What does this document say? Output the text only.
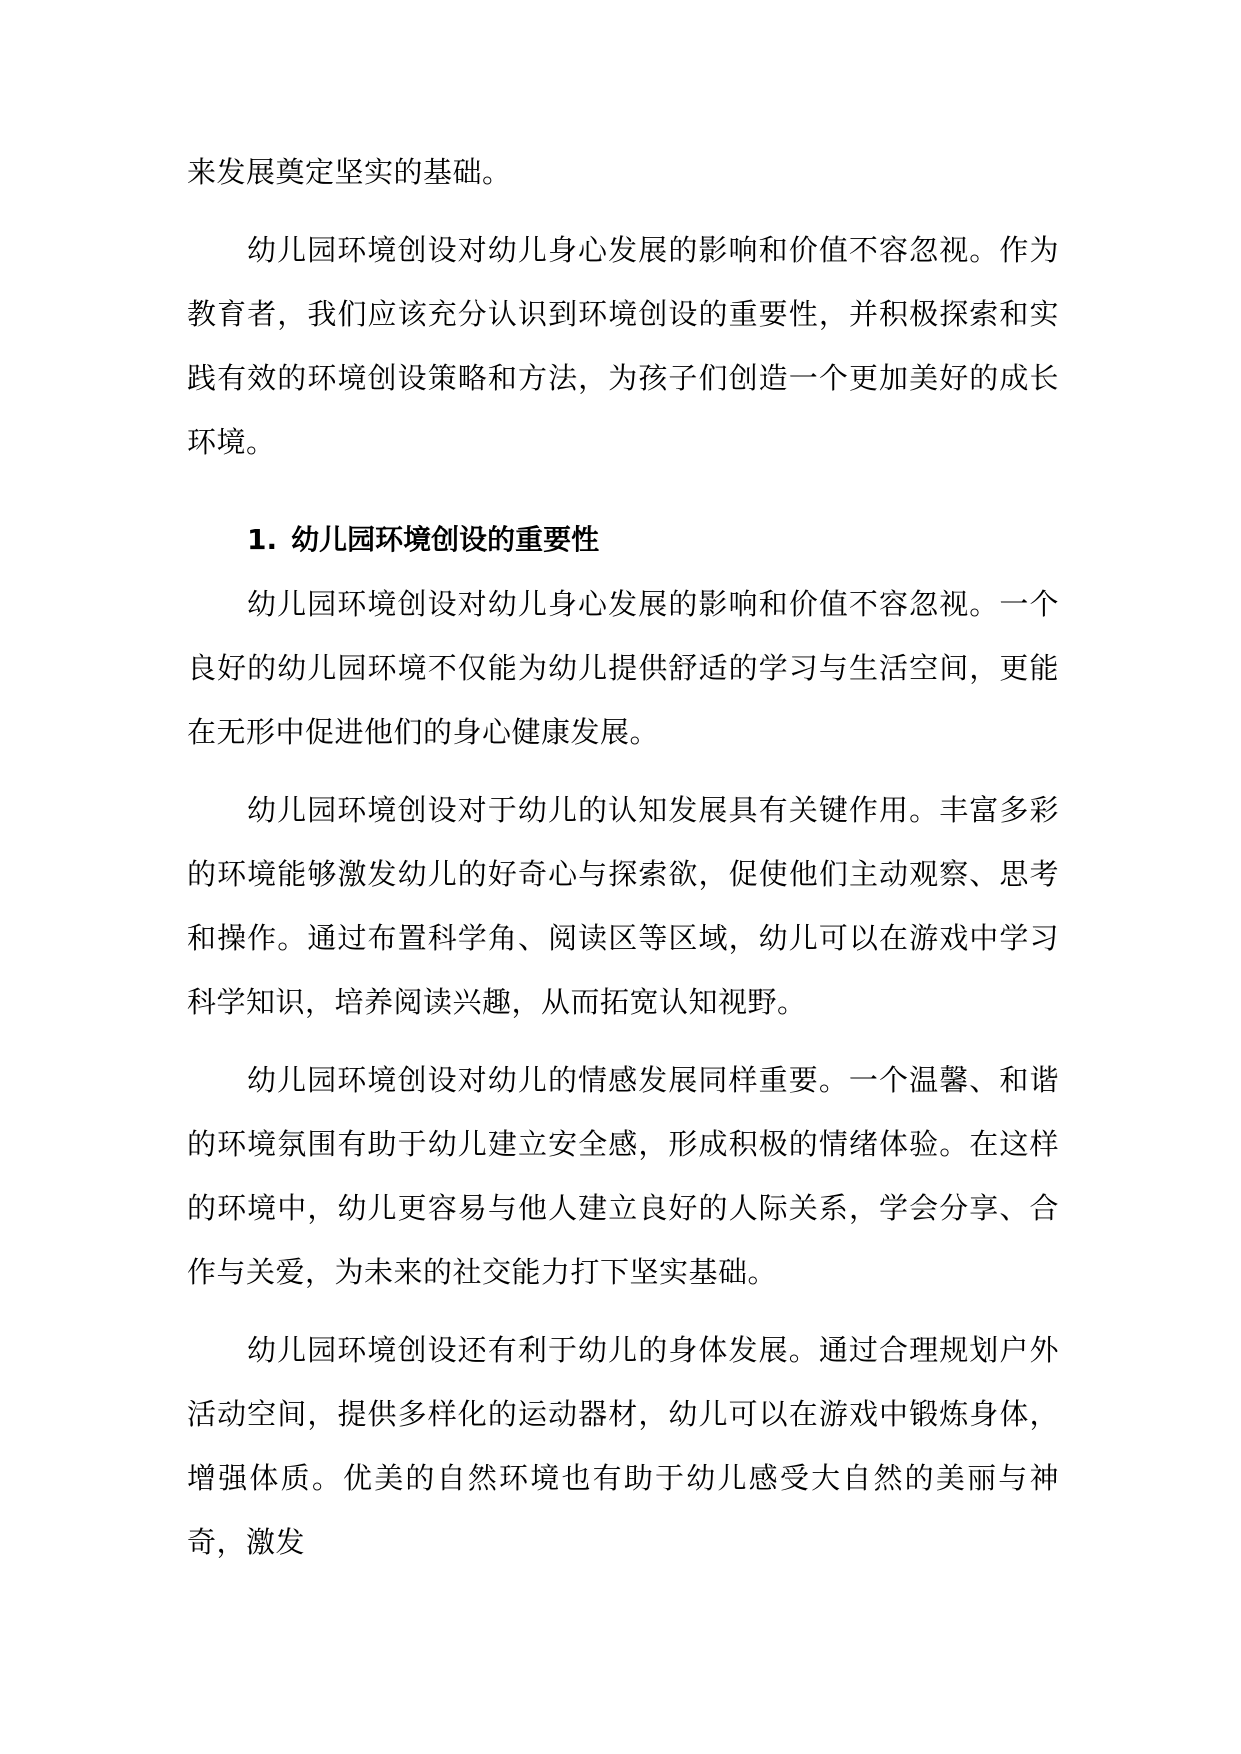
来发展奠定坚实的基础。

幼儿园环境创设对幼儿身心发展的影响和价值不容忽视。作为教育者，我们应该充分认识到环境创设的重要性，并积极探索和实践有效的环境创设策略和方法，为孩子们创造一个更加美好的成长环境。

1. 幼儿园环境创设的重要性

幼儿园环境创设对幼儿身心发展的影响和价值不容忽视。一个良好的幼儿园环境不仅能为幼儿提供舒适的学习与生活空间，更能在无形中促进他们的身心健康发展。

幼儿园环境创设对于幼儿的认知发展具有关键作用。丰富多彩的环境能够激发幼儿的好奇心与探索欲，促使他们主动观察、思考和操作。通过布置科学角、阅读区等区域，幼儿可以在游戏中学习科学知识，培养阅读兴趣，从而拓宽认知视野。

幼儿园环境创设对幼儿的情感发展同样重要。一个温馨、和谐的环境氛围有助于幼儿建立安全感，形成积极的情绪体验。在这样的环境中，幼儿更容易与他人建立良好的人际关系，学会分享、合作与关爱，为未来的社交能力打下坚实基础。

幼儿园环境创设还有利于幼儿的身体发展。通过合理规划户外活动空间，提供多样化的运动器材，幼儿可以在游戏中锻炼身体，增强体质。优美的自然环境也有助于幼儿感受大自然的美丽与神奇，激发
